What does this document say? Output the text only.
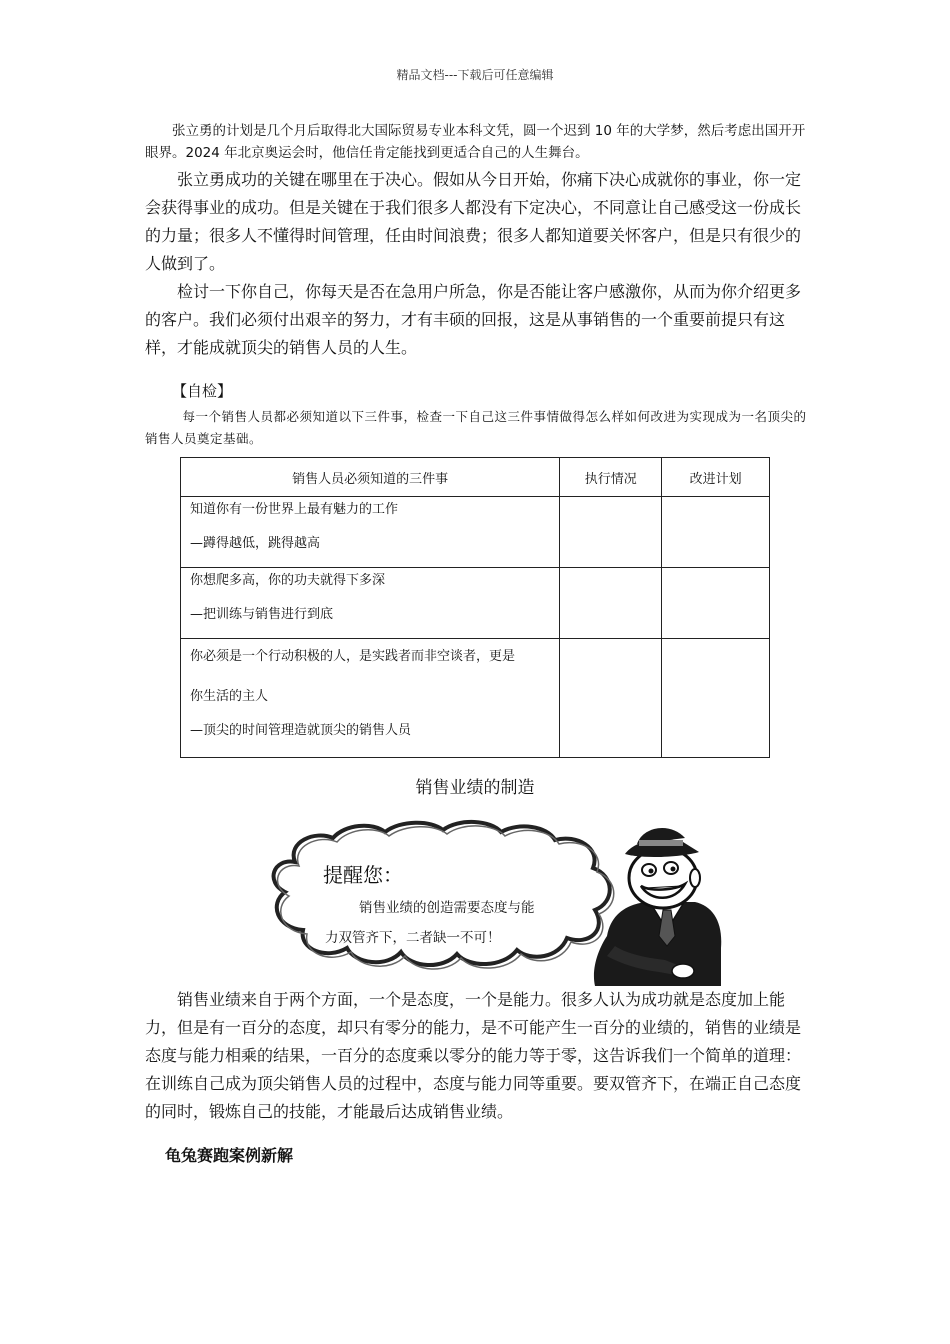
精品文档---下载后可任意编辑

张立勇的计划是几个月后取得北大国际贸易专业本科文凭，圆一个迟到 10 年的大学梦，然后考虑出国开开眼界。2024 年北京奥运会时，他信任肯定能找到更适合自己的人生舞台。

张立勇成功的关键在哪里在于决心。假如从今日开始，你痛下决心成就你的事业，你一定会获得事业的成功。但是关键在于我们很多人都没有下定决心，不同意让自己感受这一份成长的力量；很多人不懂得时间管理，任由时间浪费；很多人都知道要关怀客户，但是只有很少的人做到了。

检讨一下你自己，你每天是否在急用户所急，你是否能让客户感激你，从而为你介绍更多的客户。我们必须付出艰辛的努力，才有丰硕的回报，这是从事销售的一个重要前提只有这样，才能成就顶尖的销售人员的人生。

【自检】

每一个销售人员都必须知道以下三件事，检查一下自己这三件事情做得怎么样如何改进为实现成为一名顶尖的销售人员奠定基础。

销售人员必须知道的三件事	执行情况	改进计划

知道你有一份世界上最有魅力的工作
—蹲得越低，跳得越高		

你想爬多高，你的功夫就得下多深
—把训练与销售进行到底		

你必须是一个行动积极的人，是实践者而非空谈者，更是
你生活的主人
—顶尖的时间管理造就顶尖的销售人员		

销售业绩的制造
提醒您：
销售业绩的创造需要态度与能
力双管齐下，二者缺一不可！

销售业绩来自于两个方面，一个是态度，一个是能力。很多人认为成功就是态度加上能力，但是有一百分的态度，却只有零分的能力，是不可能产生一百分的业绩的，销售的业绩是态度与能力相乘的结果，一百分的态度乘以零分的能力等于零，这告诉我们一个简单的道理：在训练自己成为顶尖销售人员的过程中，态度与能力同等重要。要双管齐下，在端正自己态度的同时，锻炼自己的技能，才能最后达成销售业绩。

龟兔赛跑案例新解
